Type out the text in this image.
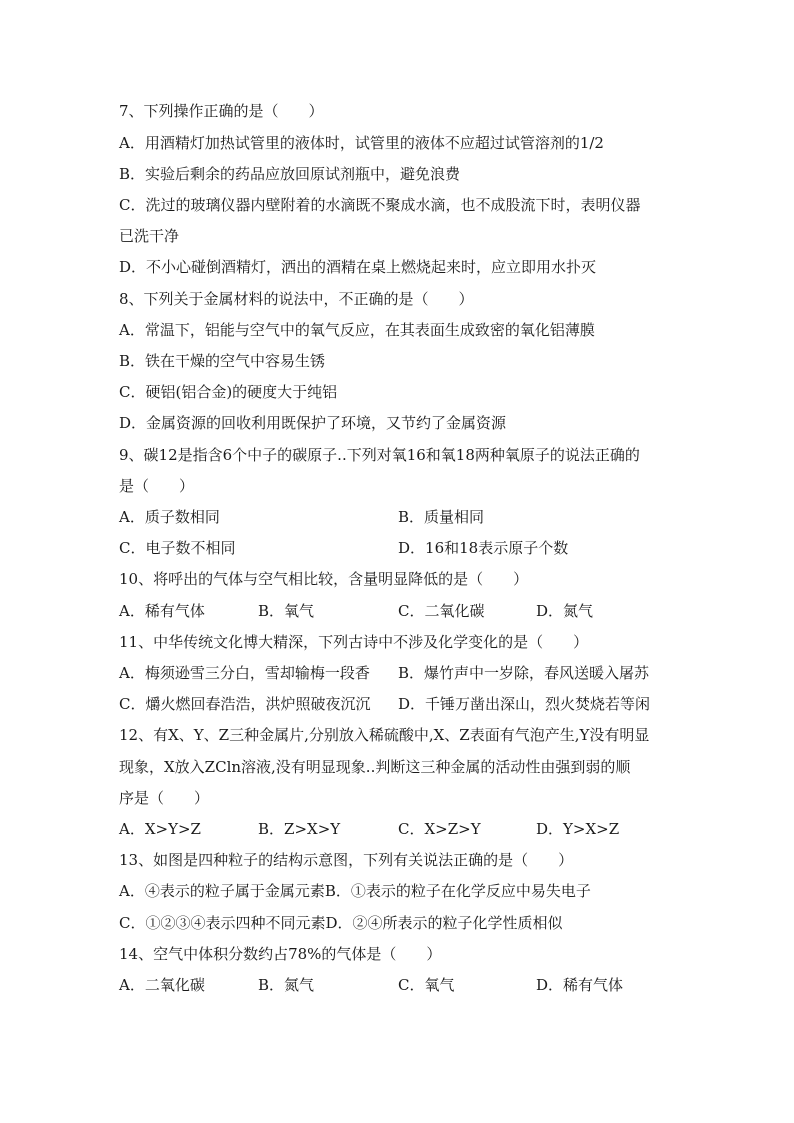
7、下列操作正确的是（　　）
A．用酒精灯加热试管里的液体时，试管里的液体不应超过试管溶剂的1/2
B．实验后剩余的药品应放回原试剂瓶中，避免浪费
C．洗过的玻璃仪器内壁附着的水滴既不聚成水滴，也不成股流下时，表明仪器
已洗干净
D．不小心碰倒酒精灯，洒出的酒精在桌上燃烧起来时，应立即用水扑灭
8、下列关于金属材料的说法中，不正确的是（　　）
A．常温下，铝能与空气中的氧气反应，在其表面生成致密的氧化铝薄膜
B．铁在干燥的空气中容易生锈
C．硬铝(铝合金)的硬度大于纯铝
D．金属资源的回收利用既保护了环境，又节约了金属资源
9、碳12是指含6个中子的碳原子..下列对氧16和氧18两种氧原子的说法正确的
是（　　）
A．质子数相同	B．质量相同
C．电子数不相同	D．16和18表示原子个数
10、将呼出的气体与空气相比较，含量明显降低的是（　　）
A．稀有气体	B．氧气	C．二氧化碳	D．氮气
11、中华传统文化博大精深，下列古诗中不涉及化学变化的是（　　）
A．梅须逊雪三分白，雪却输梅一段香 B．爆竹声中一岁除，春风送暖入屠苏
C．爝火燃回春浩浩，洪炉照破夜沉沉 D．千锤万凿出深山，烈火焚烧若等闲
12、有X、Y、Z三种金属片,分别放入稀硫酸中,X、Z表面有气泡产生,Y没有明显
现象，X放入ZCln溶液,没有明显现象..判断这三种金属的活动性由强到弱的顺
序是（　　）
A．X>Y>Z	B．Z>X>Y	C．X>Z>Y	D．Y>X>Z
13、如图是四种粒子的结构示意图，下列有关说法正确的是（　　）
A．④表示的粒子属于金属元素B．①表示的粒子在化学反应中易失电子
C．①②③④表示四种不同元素D．②④所表示的粒子化学性质相似
14、空气中体积分数约占78%的气体是（　　）
A．二氧化碳	B．氮气	C．氧气	D．稀有气体
